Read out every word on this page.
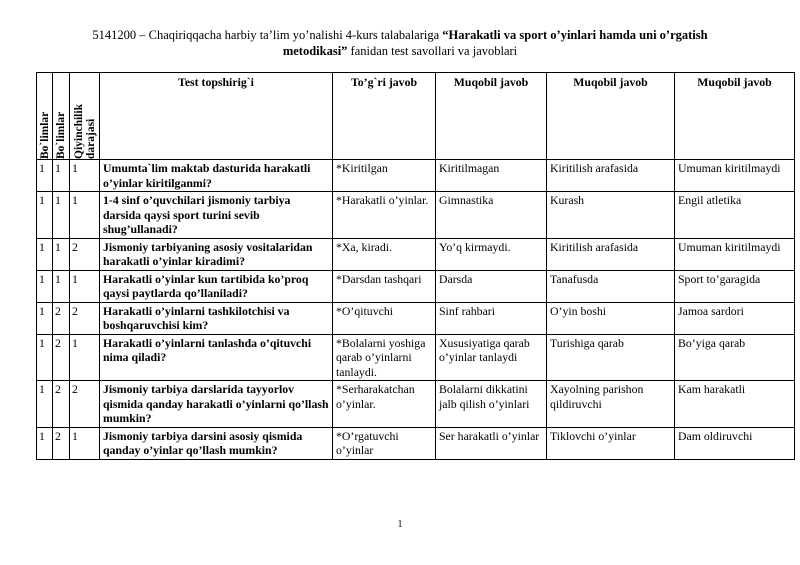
5141200 – Chaqiriqqacha harbiy ta’lim yo’nalishi 4-kurs talabalariga “Harakatli va sport o’yinlari hamda uni o’rgatish metodikasi” fanidan test savollari va javoblari
Bo`limlar	Bo`limlar	Qiyinchilik darajasi	Test topshirig`i	To’g`ri javob	Muqobil javob	Muqobil javob	Muqobil javob
1	1	1	Umumta`lim maktab dasturida harakatli o’yinlar kiritilganmi?	*Kiritilgan	Kiritilmagan	Kiritilish arafasida	Umuman kiritilmaydi
1	1	1	1-4 sinf o’quvchilari jismoniy tarbiya darsida qaysi sport turini sevib shug’ullanadi?	*Harakatli o’yinlar.	Gimnastika	Kurash	Engil atletika
1	1	2	Jismoniy tarbiyaning asosiy vositalaridan harakatli o’yinlar kiradimi?	*Xa, kiradi.	Yo’q kirmaydi.	Kiritilish arafasida	Umuman kiritilmaydi
1	1	1	Harakatli o’yinlar kun tartibida ko’proq qaysi paytlarda qo’llaniladi?	*Darsdan tashqari	Darsda	Tanafusda	Sport to’garagida
1	2	2	Harakatli o’yinlarni tashkilotchisi va boshqaruvchisi kim?	*O’qituvchi	Sinf rahbari	O’yin boshi	Jamoa sardori
1	2	1	Harakatli o’yinlarni tanlashda o’qituvchi nima qiladi?	*Bolalarni yoshiga qarab o’yinlarni tanlaydi.	Xususiyatiga qarab o’yinlar tanlaydi	Turishiga qarab	Bo’yiga qarab
1	2	2	Jismoniy tarbiya darslarida tayyorlov qismida qanday harakatli o’yinlarni qo’llash mumkin?	*Serharakatchan o’yinlar.	Bolalarni dikkatini jalb qilish o’yinlari	Xayolning parishon qildiruvchi	Kam harakatli
1	2	1	Jismoniy tarbiya darsini asosiy qismida qanday o’yinlar qo’llash mumkin?	*O’rgatuvchi o’yinlar	Ser harakatli o’yinlar	Tiklovchi o’yinlar	Dam oldiruvchi
1
